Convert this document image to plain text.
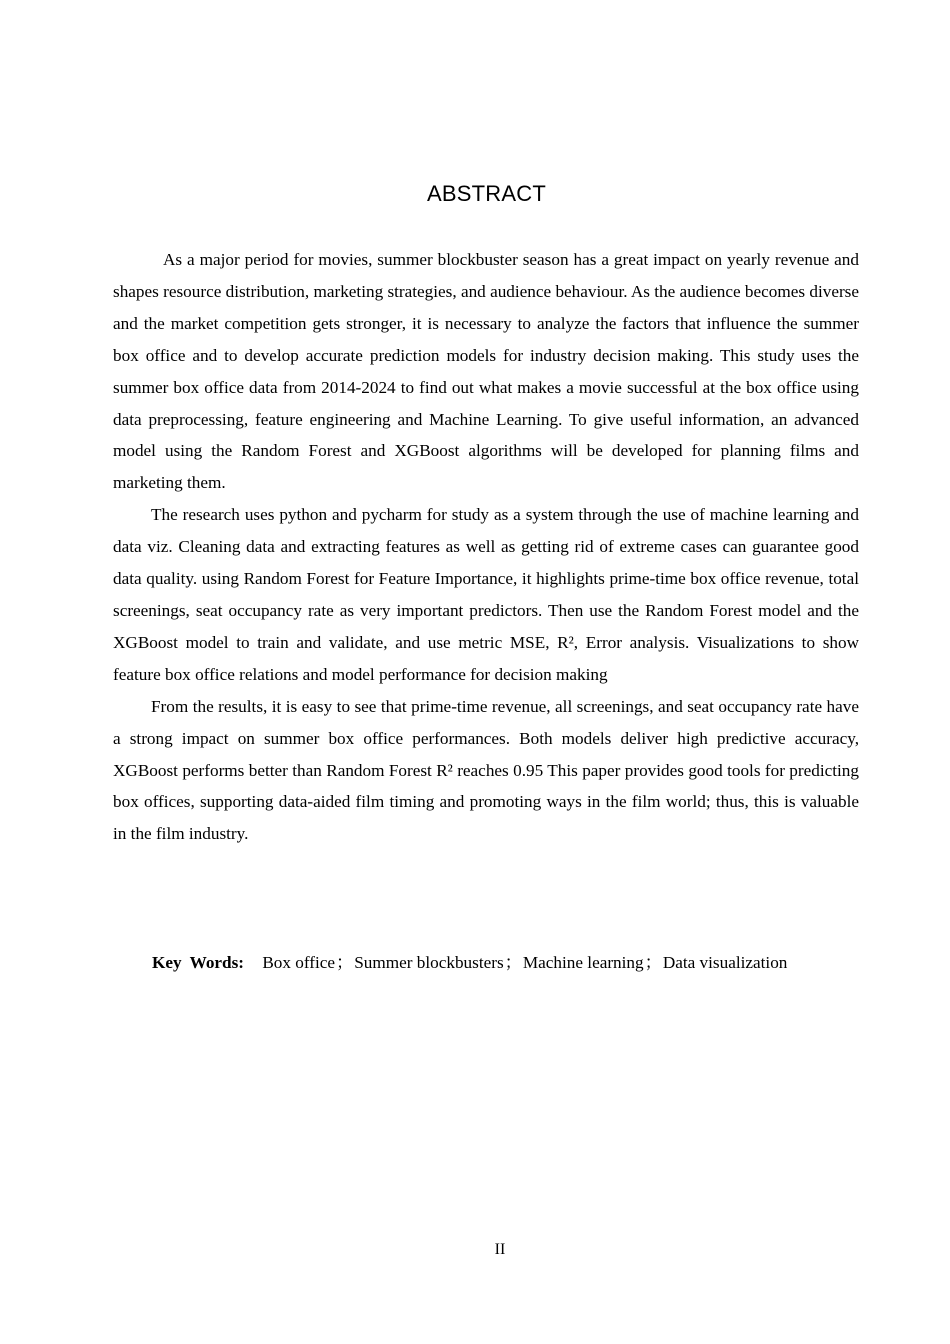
ABSTRACT

As a major period for movies, summer blockbuster season has a great impact on yearly revenue and shapes resource distribution, marketing strategies, and audience behaviour. As the audience becomes diverse and the market competition gets stronger, it is necessary to analyze the factors that influence the summer box office and to develop accurate prediction models for industry decision making. This study uses the summer box office data from 2014-2024 to find out what makes a movie successful at the box office using data preprocessing, feature engineering and Machine Learning. To give useful information, an advanced model using the Random Forest and XGBoost algorithms will be developed for planning films and marketing them.

The research uses python and pycharm for study as a system through the use of machine learning and data viz. Cleaning data and extracting features as well as getting rid of extreme cases can guarantee good data quality. using Random Forest for Feature Importance, it highlights prime-time box office revenue, total screenings, seat occupancy rate as very important predictors. Then use the Random Forest model and the XGBoost model to train and validate, and use metric MSE, R², Error analysis. Visualizations to show feature box office relations and model performance for decision making

From the results, it is easy to see that prime-time revenue, all screenings, and seat occupancy rate have a strong impact on summer box office performances. Both models deliver high predictive accuracy, XGBoost performs better than Random Forest R² reaches 0.95 This paper provides good tools for predicting box offices, supporting data-aided film timing and promoting ways in the film world; thus, this is valuable in the film industry.

Key Words: Box office；Summer blockbusters；Machine learning；Data visualization
II
